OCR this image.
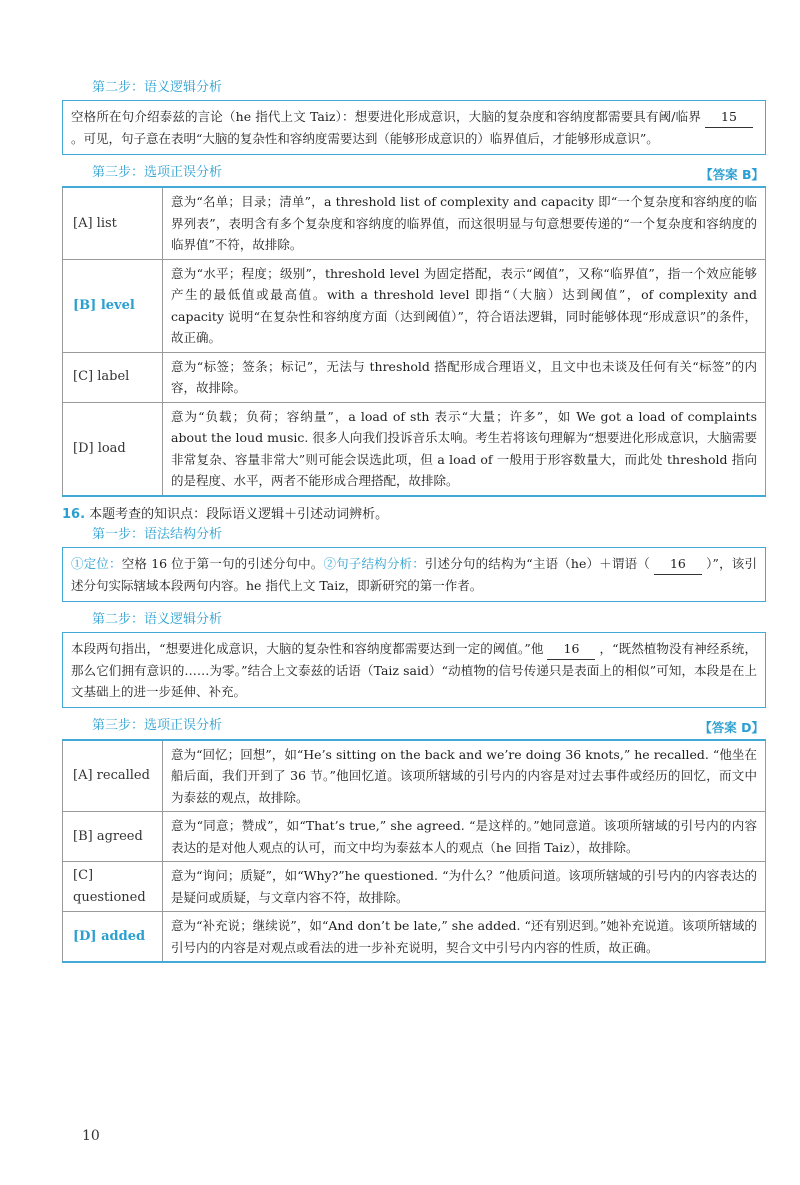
第二步：语义逻辑分析
空格所在句介绍泰兹的言论（he 指代上文 Taiz）：想要进化形成意识，大脑的复杂度和容纳度都需要具有阈/临界 15。可见，句子意在表明“大脑的复杂性和容纳度需要达到（能够形成意识的）临界值后，才能够形成意识”。
第三步：选项正误分析	【答案 B】
[A] list	意为“名单；目录；清单”，a threshold list of complexity and capacity 即“一个复杂度和容纳度的临界列表”，表明含有多个复杂度和容纳度的临界值，而这很明显与句意想要传递的“一个复杂度和容纳度的临界值”不符，故排除。
[B] level	意为“水平；程度；级别”，threshold level 为固定搭配，表示“阈值”，又称“临界值”，指一个效应能够产生的最低值或最高值。with a threshold level 即指“（大脑）达到阈值”，of complexity and capacity 说明“在复杂性和容纳度方面（达到阈值）”，符合语法逻辑，同时能够体现“形成意识”的条件，故正确。
[C] label	意为“标签；签条；标记”，无法与 threshold 搭配形成合理语义，且文中也未谈及任何有关“标签”的内容，故排除。
[D] load	意为“负载；负荷；容纳量”，a load of sth 表示“大量；许多”，如 We got a load of complaints about the loud music. 很多人向我们投诉音乐太响。考生若将该句理解为“想要进化形成意识，大脑需要非常复杂、容量非常大”则可能会误选此项，但 a load of 一般用于形容数量大，而此处 threshold 指向的是程度、水平，两者不能形成合理搭配，故排除。
16. 本题考查的知识点：段际语义逻辑＋引述动词辨析。
第一步：语法结构分析
①定位：空格 16 位于第一句的引述分句中。②句子结构分析：引述分句的结构为“主语（he）＋谓语（ 16 ）”，该引述分句实际辖域本段两句内容。he 指代上文 Taiz，即新研究的第一作者。
第二步：语义逻辑分析
本段两句指出，“想要进化成意识，大脑的复杂性和容纳度都需要达到一定的阈值。”他 16 ，“既然植物没有神经系统，那么它们拥有意识的……为零。”结合上文泰兹的话语（Taiz said）“动植物的信号传递只是表面上的相似”可知，本段是在上文基础上的进一步延伸、补充。
第三步：选项正误分析	【答案 D】
[A] recalled	意为“回忆；回想”，如“He’s sitting on the back and we’re doing 36 knots,” he recalled. “他坐在船后面，我们开到了 36 节。”他回忆道。该项所辖域的引号内的内容是对过去事件或经历的回忆，而文中为泰兹的观点，故排除。
[B] agreed	意为“同意；赞成”，如“That’s true,” she agreed. “是这样的。”她同意道。该项所辖域的引号内的内容表达的是对他人观点的认可，而文中均为泰兹本人的观点（he 回指 Taiz），故排除。
[C] questioned	意为“询问；质疑”，如“Why?”he questioned. “为什么？”他质问道。该项所辖域的引号内的内容表达的是疑问或质疑，与文章内容不符，故排除。
[D] added	意为“补充说；继续说”，如“And don’t be late,” she added. “还有别迟到。”她补充说道。该项所辖域的引号内的内容是对观点或看法的进一步补充说明，契合文中引号内内容的性质，故正确。
10
